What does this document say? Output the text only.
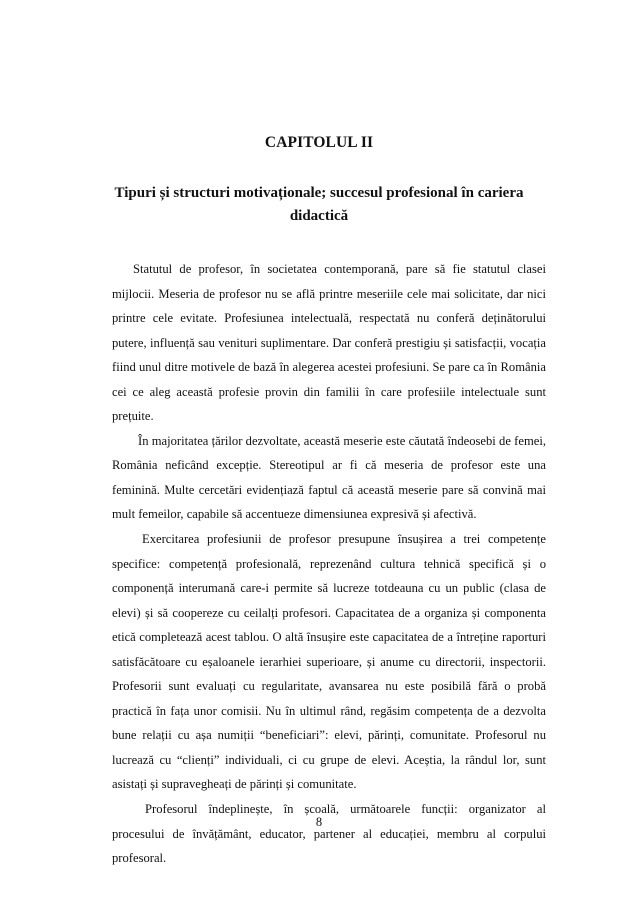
CAPITOLUL II
Tipuri și structuri motivaționale; succesul profesional în cariera didactică

Statutul de profesor, în societatea contemporană, pare să fie statutul clasei mijlocii. Meseria de profesor nu se află printre meseriile cele mai solicitate, dar nici printre cele evitate. Profesiunea intelectuală, respectată nu conferă deținătorului putere, influență sau venituri suplimentare. Dar conferă prestigiu și satisfacții, vocația fiind unul ditre motivele de bază în alegerea acestei profesiuni. Se pare ca în România cei ce aleg această profesie provin din familii în care profesiile intelectuale sunt prețuite.

În majoritatea țărilor dezvoltate, această meserie este căutată îndeosebi de femei, România neficând excepție. Stereotipul ar fi că meseria de profesor este una feminină. Multe cercetări evidențiază faptul că această meserie pare să convină mai mult femeilor, capabile să accentueze dimensiunea expresivă și afectivă.

Exercitarea profesiunii de profesor presupune însușirea a trei competențe specifice: competență profesională, reprezenând cultura tehnică specifică și o componență interumană care-i permite să lucreze totdeauna cu un public (clasa de elevi) și să coopereze cu ceilalți profesori. Capacitatea de a organiza și componenta etică completează acest tablou. O altă însușire este capacitatea de a întreține raporturi satisfăcătoare cu eșaloanele ierarhiei superioare, și anume cu directorii, inspectorii. Profesorii sunt evaluați cu regularitate, avansarea nu este posibilă fără o probă practică în fața unor comisii. Nu în ultimul rând, regăsim competența de a dezvolta bune relații cu așa numiții “beneficiari”: elevi, părinți, comunitate. Profesorul nu lucrează cu “clienți” individuali, ci cu grupe de elevi. Aceștia, la rândul lor, sunt asistați și supravegheați de părinți și comunitate.

Profesorul îndeplinește, în școală, următoarele funcții: organizator al procesului de învățământ, educator, partener al educației, membru al corpului profesoral.

8
